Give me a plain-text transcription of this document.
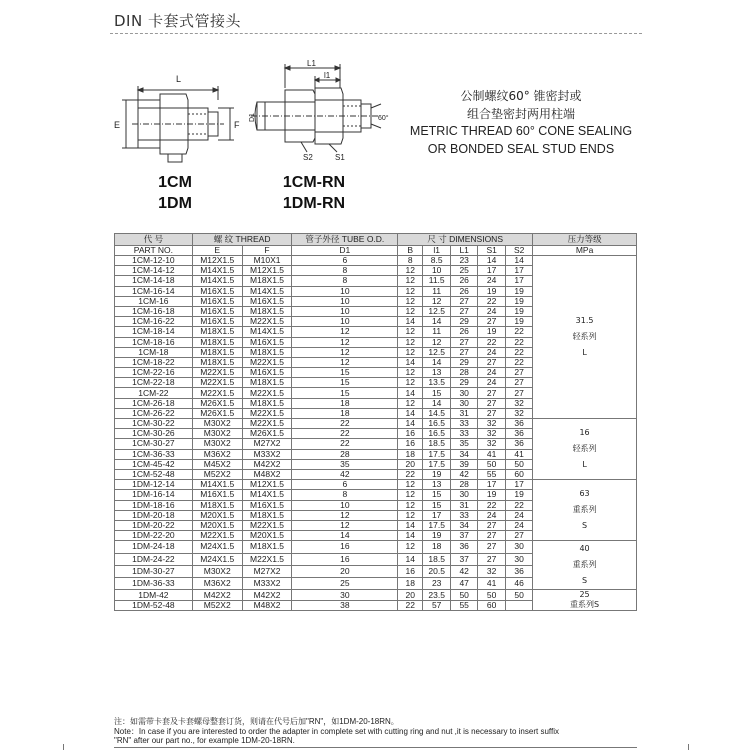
DIN 卡套式管接头
L
E	F
L1
l1
D1	60°
S2	S1
1CM
1DM
1CM-RN
1DM-RN
公制螺纹60° 锥密封或
组合垫密封两用柱端
METRIC THREAD 60° CONE SEALING
OR BONDED SEAL STUD ENDS
代 号	螺 纹 THREAD		管子外径 TUBE O.D.	尺 寸 DIMENSIONS					压力等级
PART NO.	E	F	D1	B	l1	L1	S1	S2	MPa
1CM-12-10	M12X1.5	M10X1	6	8	8.5	23	14	14	31.5
轻系列
L

1CM-14-12	M14X1.5	M12X1.5	8	12	10	25	17	17	
1CM-14-18	M14X1.5	M18X1.5	8	12	11.5	26	24	17	
1CM-16-14	M16X1.5	M14X1.5	10	12	11	26	19	19	
1CM-16	M16X1.5	M16X1.5	10	12	12	27	22	19	
1CM-16-18	M16X1.5	M18X1.5	10	12	12.5	27	24	19	
1CM-16-22	M16X1.5	M22X1.5	10	14	14	29	27	19	
1CM-18-14	M18X1.5	M14X1.5	12	12	11	26	19	22	
1CM-18-16	M18X1.5	M16X1.5	12	12	12	27	22	22	
1CM-18	M18X1.5	M18X1.5	12	12	12.5	27	24	22	
1CM-18-22	M18X1.5	M22X1.5	12	14	14	29	27	22	
1CM-22-16	M22X1.5	M16X1.5	15	12	13	28	24	27	
1CM-22-18	M22X1.5	M18X1.5	15	12	13.5	29	24	27	
1CM-22	M22X1.5	M22X1.5	15	14	15	30	27	27	
1CM-26-18	M26X1.5	M18X1.5	18	12	14	30	27	32	
1CM-26-22	M26X1.5	M22X1.5	18	14	14.5	31	27	32	
1CM-30-22	M30X2	M22X1.5	22	14	16.5	33	32	36	16
轻系列
L

1CM-30-26	M30X2	M26X1.5	22	16	16.5	33	32	36	
1CM-30-27	M30X2	M27X2	22	16	18.5	35	32	36	
1CM-36-33	M36X2	M33X2	28	18	17.5	34	41	41	
1CM-45-42	M45X2	M42X2	35	20	17.5	39	50	50	
1CM-52-48	M52X2	M48X2	42	22	19	42	55	60	
1DM-12-14	M14X1.5	M12X1.5	6	12	13	28	17	17	63
重系列
S

1DM-16-14	M16X1.5	M14X1.5	8	12	15	30	19	19	
1DM-18-16	M18X1.5	M16X1.5	10	12	15	31	22	22	
1DM-20-18	M20X1.5	M18X1.5	12	12	17	33	24	24	
1DM-20-22	M20X1.5	M22X1.5	12	14	17.5	34	27	24	
1DM-22-20	M22X1.5	M20X1.5	14	14	19	37	27	27	
1DM-24-18	M24X1.5	M18X1.5	16	12	18	36	27	30	40
重系列
S

1DM-24-22	M24X1.5	M22X1.5	16	14	18.5	37	27	30	
1DM-30-27	M30X2	M27X2	20	16	20.5	42	32	36	
1DM-36-33	M36X2	M33X2	25	18	23	47	41	46	
1DM-42	M42X2	M42X2	30	20	23.5	50	50	50	25
重系列S

1DM-52-48	M52X2	M48X2	38	22	57	55	60		
注：如需带卡套及卡套螺母整套订货，则请在代号后加"RN"，如1DM-20-18RN。
Note：In case if you are interested to order the adapter in complete set with cutting ring and nut ,it is necessary to insert suffix
"RN" after our part no., for example 1DM-20-18RN.
